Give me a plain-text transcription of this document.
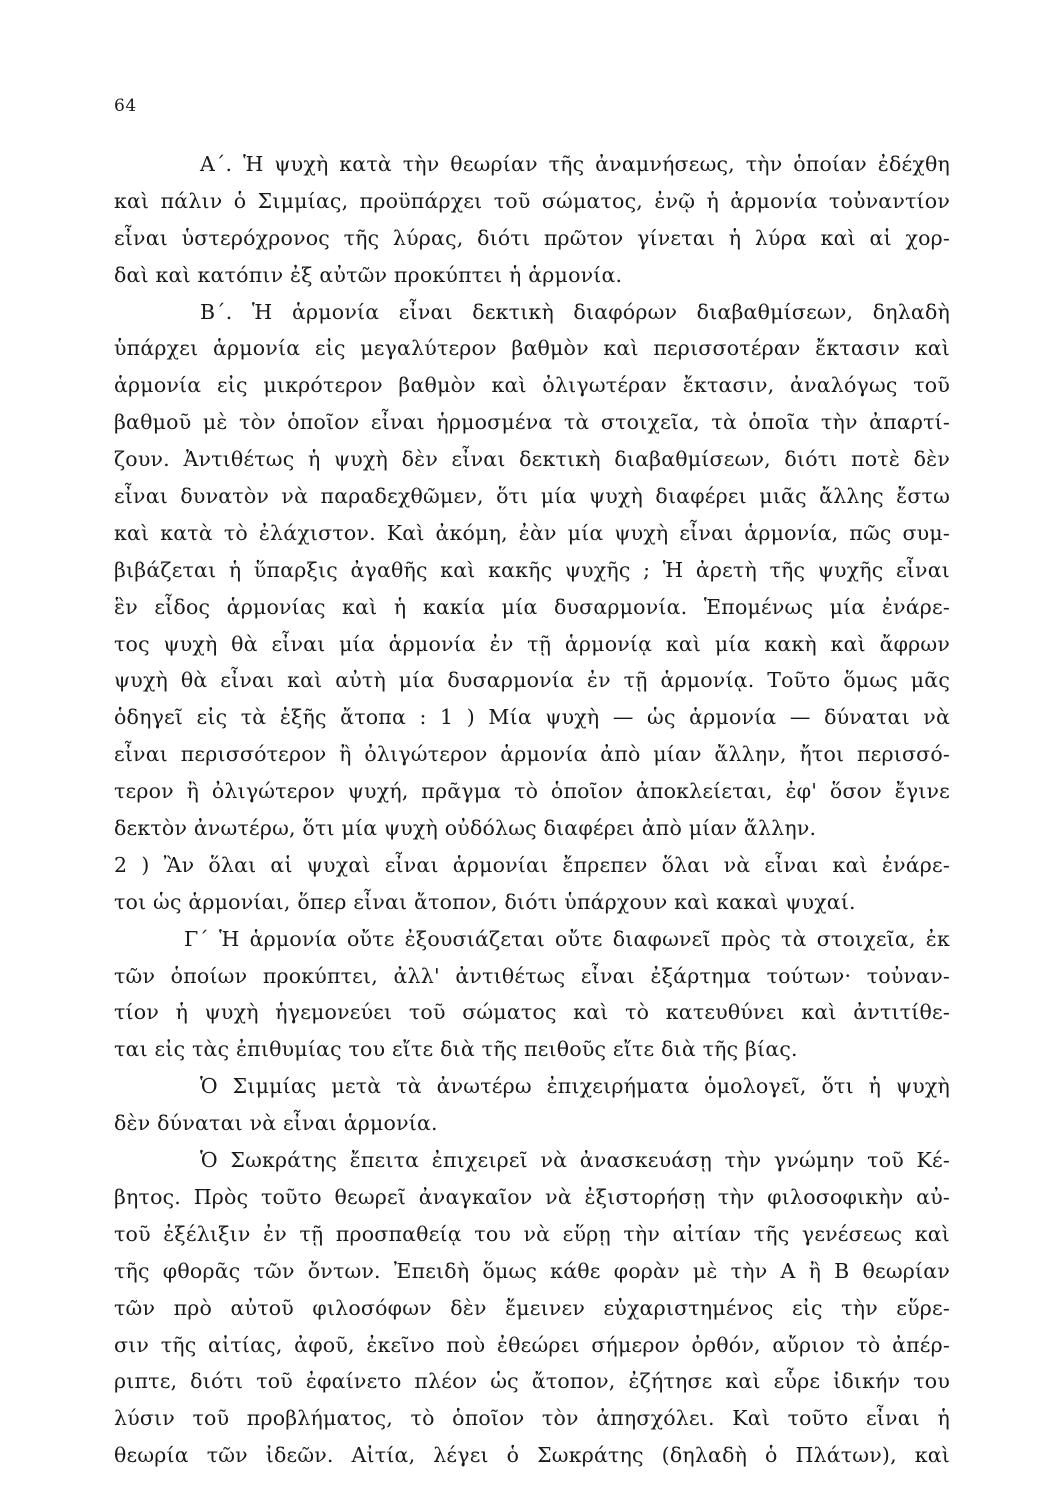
64
Α΄. Ἡ ψυχὴ κατὰ τὴν θεωρίαν τῆς ἀναμνήσεως, τὴν ὁποίαν ἐδέχθη
καὶ πάλιν ὁ Σιμμίας, προϋπάρχει τοῦ σώματος, ἐνῷ ἡ ἁρμονία τοὐναντίον
εἶναι ὑστερόχρονος τῆς λύρας, διότι πρῶτον γίνεται ἡ λύρα καὶ αἱ χορ-
δαὶ καὶ κατόπιν ἐξ αὐτῶν προκύπτει ἡ ἁρμονία.
Β΄. Ἡ ἁρμονία εἶναι δεκτικὴ διαφόρων διαβαθμίσεων, δηλαδὴ
ὑπάρχει ἁρμονία εἰς μεγαλύτερον βαθμὸν καὶ περισσοτέραν ἔκτασιν καὶ
ἁρμονία εἰς μικρότερον βαθμὸν καὶ ὀλιγωτέραν ἔκτασιν, ἀναλόγως τοῦ
βαθμοῦ μὲ τὸν ὁποῖον εἶναι ἡρμοσμένα τὰ στοιχεῖα, τὰ ὁποῖα τὴν ἀπαρτί-
ζουν. Ἀντιθέτως ἡ ψυχὴ δὲν εἶναι δεκτικὴ διαβαθμίσεων, διότι ποτὲ δὲν
εἶναι δυνατὸν νὰ παραδεχθῶμεν, ὅτι μία ψυχὴ διαφέρει μιᾶς ἄλλης ἔστω
καὶ κατὰ τὸ ἐλάχιστον. Καὶ ἀκόμη, ἐὰν μία ψυχὴ εἶναι ἁρμονία, πῶς συμ-
βιβάζεται ἡ ὕπαρξις ἀγαθῆς καὶ κακῆς ψυχῆς ; Ἡ ἀρετὴ τῆς ψυχῆς εἶναι
ἓν εἶδος ἁρμονίας καὶ ἡ κακία μία δυσαρμονία. Ἑπομένως μία ἐνάρε-
τος ψυχὴ θὰ εἶναι μία ἁρμονία ἐν τῇ ἁρμονίᾳ καὶ μία κακὴ καὶ ἄφρων
ψυχὴ θὰ εἶναι καὶ αὐτὴ μία δυσαρμονία ἐν τῇ ἁρμονίᾳ. Τοῦτο ὅμως μᾶς
ὁδηγεῖ εἰς τὰ ἑξῆς ἄτοπα : 1 ) Μία ψυχὴ — ὡς ἁρμονία — δύναται νὰ
εἶναι περισσότερον ἢ ὀλιγώτερον ἁρμονία ἀπὸ μίαν ἄλλην, ἤτοι περισσό-
τερον ἢ ὀλιγώτερον ψυχή, πρᾶγμα τὸ ὁποῖον ἀποκλείεται, ἐφ' ὅσον ἔγινε
δεκτὸν ἀνωτέρω, ὅτι μία ψυχὴ οὐδόλως διαφέρει ἀπὸ μίαν ἄλλην.
2 ) Ἂν ὅλαι αἱ ψυχαὶ εἶναι ἁρμονίαι ἔπρεπεν ὅλαι νὰ εἶναι καὶ ἐνάρε-
τοι ὡς ἁρμονίαι, ὅπερ εἶναι ἄτοπον, διότι ὑπάρχουν καὶ κακαὶ ψυχαί.
Γ΄ Ἡ ἁρμονία οὔτε ἐξουσιάζεται οὔτε διαφωνεῖ πρὸς τὰ στοιχεῖα, ἐκ
τῶν ὁποίων προκύπτει, ἀλλ' ἀντιθέτως εἶναι ἐξάρτημα τούτων· τοὐναν-
τίον ἡ ψυχὴ ἡγεμονεύει τοῦ σώματος καὶ τὸ κατευθύνει καὶ ἀντιτίθε-
ται εἰς τὰς ἐπιθυμίας του εἴτε διὰ τῆς πειθοῦς εἴτε διὰ τῆς βίας.
Ὁ Σιμμίας μετὰ τὰ ἀνωτέρω ἐπιχειρήματα ὁμολογεῖ, ὅτι ἡ ψυχὴ
δὲν δύναται νὰ εἶναι ἁρμονία.
Ὁ Σωκράτης ἔπειτα ἐπιχειρεῖ νὰ ἀνασκευάσῃ τὴν γνώμην τοῦ Κέ-
βητος. Πρὸς τοῦτο θεωρεῖ ἀναγκαῖον νὰ ἐξιστορήσῃ τὴν φιλοσοφικὴν αὐ-
τοῦ ἐξέλιξιν ἐν τῇ προσπαθείᾳ του νὰ εὕρῃ τὴν αἰτίαν τῆς γενέσεως καὶ
τῆς φθορᾶς τῶν ὄντων. Ἐπειδὴ ὅμως κάθε φορὰν μὲ τὴν Α ἢ Β θεωρίαν
τῶν πρὸ αὐτοῦ φιλοσόφων δὲν ἔμεινεν εὐχαριστημένος εἰς τὴν εὕρε-
σιν τῆς αἰτίας, ἀφοῦ, ἐκεῖνο ποὺ ἐθεώρει σήμερον ὀρθόν, αὔριον τὸ ἀπέρ-
ριπτε, διότι τοῦ ἐφαίνετο πλέον ὡς ἄτοπον, ἐζήτησε καὶ εὗρε ἰδικήν του
λύσιν τοῦ προβλήματος, τὸ ὁποῖον τὸν ἀπησχόλει. Καὶ τοῦτο εἶναι ἡ
θεωρία τῶν ἰδεῶν. Αἰτία, λέγει ὁ Σωκράτης (δηλαδὴ ὁ Πλάτων), καὶ
